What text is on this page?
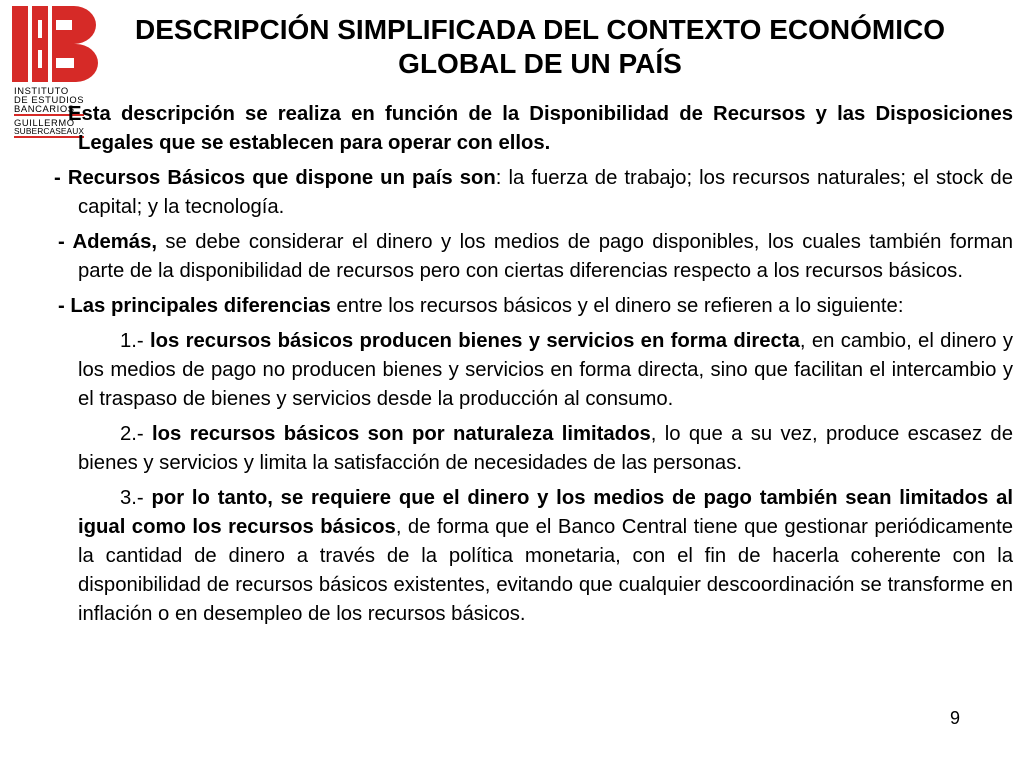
INSTITUTO
DE ESTUDIOS
BANCARIOS
GUILLERMO
SUBERCASEAUX
DESCRIPCIÓN SIMPLIFICADA DEL CONTEXTO ECONÓMICO
GLOBAL DE UN PAÍS

Esta descripción se realiza en función de la Disponibilidad de Recursos y las Disposiciones Legales que se establecen para operar con ellos.

- Recursos Básicos que dispone un país son: la fuerza de trabajo; los recursos naturales; el stock de capital; y la tecnología.

- Además, se debe considerar el dinero y los medios de pago disponibles, los cuales también forman parte de la disponibilidad de recursos pero con ciertas diferencias respecto a los recursos básicos.

- Las principales diferencias entre los recursos básicos y el dinero se refieren a lo siguiente:

1.- los recursos básicos producen bienes y servicios en forma directa, en cambio, el dinero y los medios de pago no producen bienes y servicios en forma directa, sino que facilitan el intercambio y el traspaso de bienes y servicios desde la producción al consumo.

2.- los recursos básicos son por naturaleza limitados, lo que a su vez, produce escasez de bienes y servicios y limita la satisfacción de necesidades de las personas.

3.- por lo tanto, se requiere que el dinero y los medios de pago también sean limitados al igual como los recursos básicos, de forma que el Banco Central tiene que gestionar periódicamente la cantidad de dinero a través de la política monetaria, con el fin de hacerla coherente con la disponibilidad de recursos básicos existentes, evitando que cualquier descoordinación se transforme en inflación o en desempleo de los recursos básicos.

9
